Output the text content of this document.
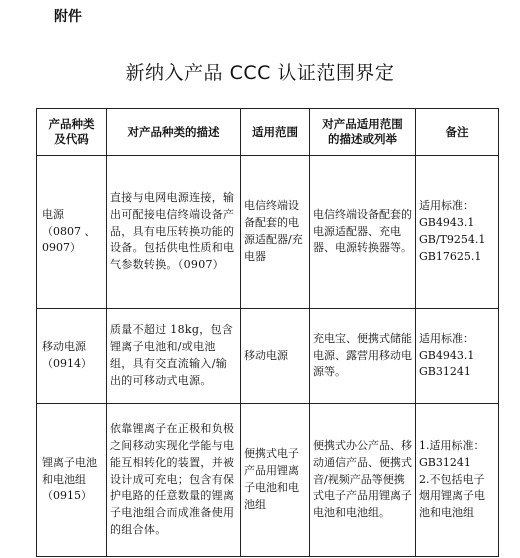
附件
新纳入产品 CCC 认证范围界定
产品种类
及代码	对产品种类的描述	适用范围	对产品适用范围
的描述或列举	备注
电源
（0807 、
0907）	直接与电网电源连接，输出可配接电信终端设备产品，具有电压转换功能的设备。包括供电性质和电气参数转换。（0907）	电信终端设备配套的电源适配器/充电器	电信终端设备配套的电源适配器、充电器、电源转换器等。	适用标准：
GB4943.1
GB/T9254.1
GB17625.1
移动电源
（0914）	质量不超过 18kg，包含锂离子电池和/或电池组，具有交直流输入/输出的可移动式电源。	移动电源	充电宝、便携式储能电源、露营用移动电源等。	适用标准：
GB4943.1
GB31241
锂离子电池和电池组
（0915）	依靠锂离子在正极和负极之间移动实现化学能与电能互相转化的装置，并被设计成可充电；包含有保护电路的任意数量的锂离子电池组合而成准备使用的组合体。	便携式电子产品用锂离子电池和电池组	便携式办公产品、移动通信产品、便携式音/视频产品等便携式电子产品用锂离子电池和电池组。	1.适用标准：
GB31241
2.不包括电子烟用锂离子电池和电池组
